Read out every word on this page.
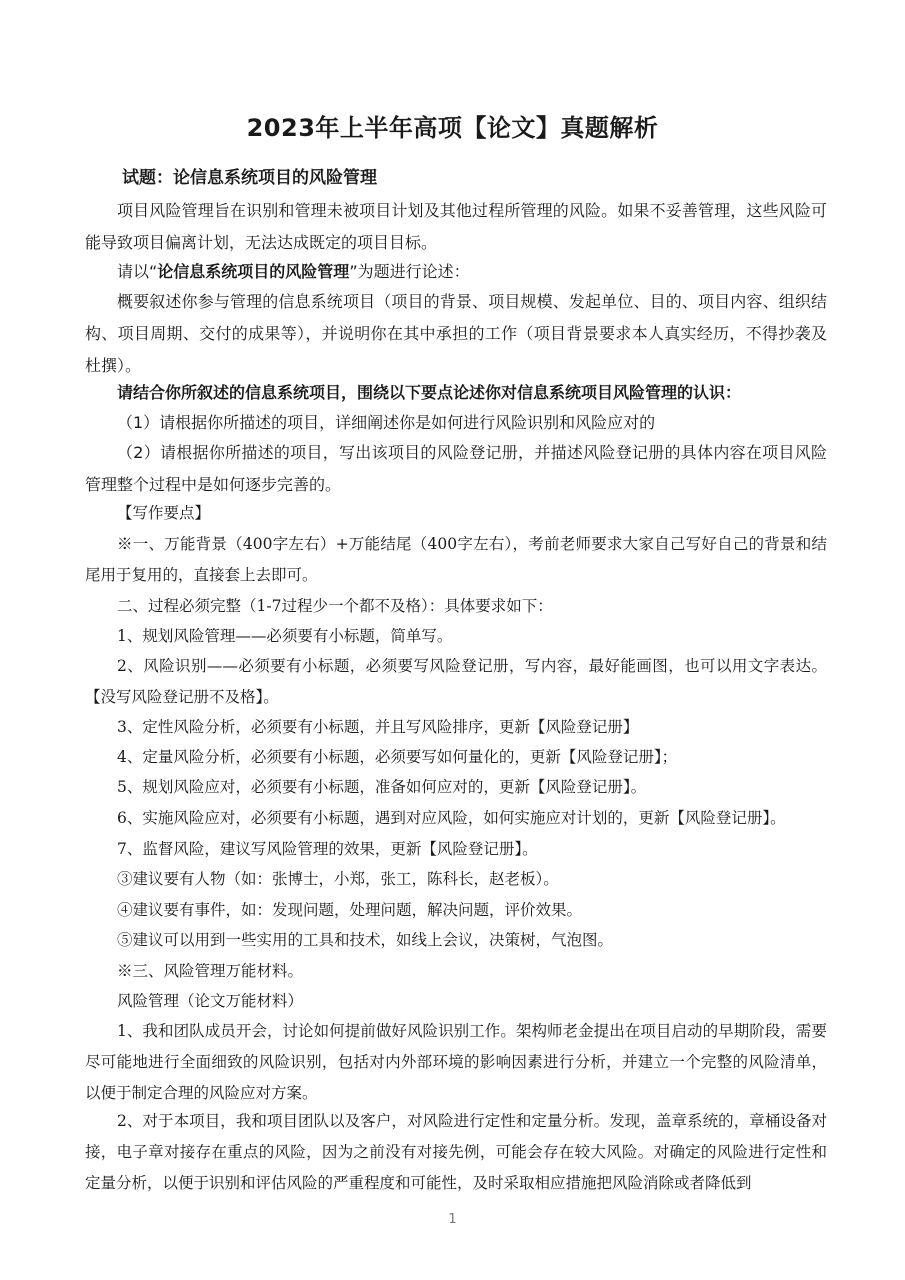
2023年上半年高项【论文】真题解析
试题：论信息系统项目的风险管理

项目风险管理旨在识别和管理未被项目计划及其他过程所管理的风险。如果不妥善管理，这些风险可能导致项目偏离计划，无法达成既定的项目目标。

请以“论信息系统项目的风险管理”为题进行论述：

概要叙述你参与管理的信息系统项目（项目的背景、项目规模、发起单位、目的、项目内容、组织结构、项目周期、交付的成果等），并说明你在其中承担的工作（项目背景要求本人真实经历，不得抄袭及杜撰）。

请结合你所叙述的信息系统项目，围绕以下要点论述你对信息系统项目风险管理的认识：

（1）请根据你所描述的项目，详细阐述你是如何进行风险识别和风险应对的

（2）请根据你所描述的项目，写出该项目的风险登记册，并描述风险登记册的具体内容在项目风险管理整个过程中是如何逐步完善的。

【写作要点】

※一、万能背景（400字左右）+万能结尾（400字左右），考前老师要求大家自己写好自己的背景和结尾用于复用的，直接套上去即可。

二、过程必须完整（1-7过程少一个都不及格）：具体要求如下：

1、规划风险管理——必须要有小标题，简单写。

2、风险识别——必须要有小标题，必须要写风险登记册，写内容，最好能画图，也可以用文字表达。【没写风险登记册不及格】。

3、定性风险分析，必须要有小标题，并且写风险排序，更新【风险登记册】

4、定量风险分析，必须要有小标题，必须要写如何量化的，更新【风险登记册】；

5、规划风险应对，必须要有小标题，准备如何应对的，更新【风险登记册】。

6、实施风险应对，必须要有小标题，遇到对应风险，如何实施应对计划的，更新【风险登记册】。

7、监督风险，建议写风险管理的效果，更新【风险登记册】。

③建议要有人物（如：张博士，小郑，张工，陈科长，赵老板）。

④建议要有事件，如：发现问题，处理问题，解决问题，评价效果。

⑤建议可以用到一些实用的工具和技术，如线上会议，决策树，气泡图。

※三、风险管理万能材料。

风险管理（论文万能材料）

1、我和团队成员开会，讨论如何提前做好风险识别工作。架构师老金提出在项目启动的早期阶段，需要尽可能地进行全面细致的风险识别，包括对内外部环境的影响因素进行分析，并建立一个完整的风险清单，以便于制定合理的风险应对方案。

2、对于本项目，我和项目团队以及客户，对风险进行定性和定量分析。发现，盖章系统的，章桶设备对接，电子章对接存在重点的风险，因为之前没有对接先例，可能会存在较大风险。对确定的风险进行定性和定量分析，以便于识别和评估风险的严重程度和可能性，及时采取相应措施把风险消除或者降低到

1
